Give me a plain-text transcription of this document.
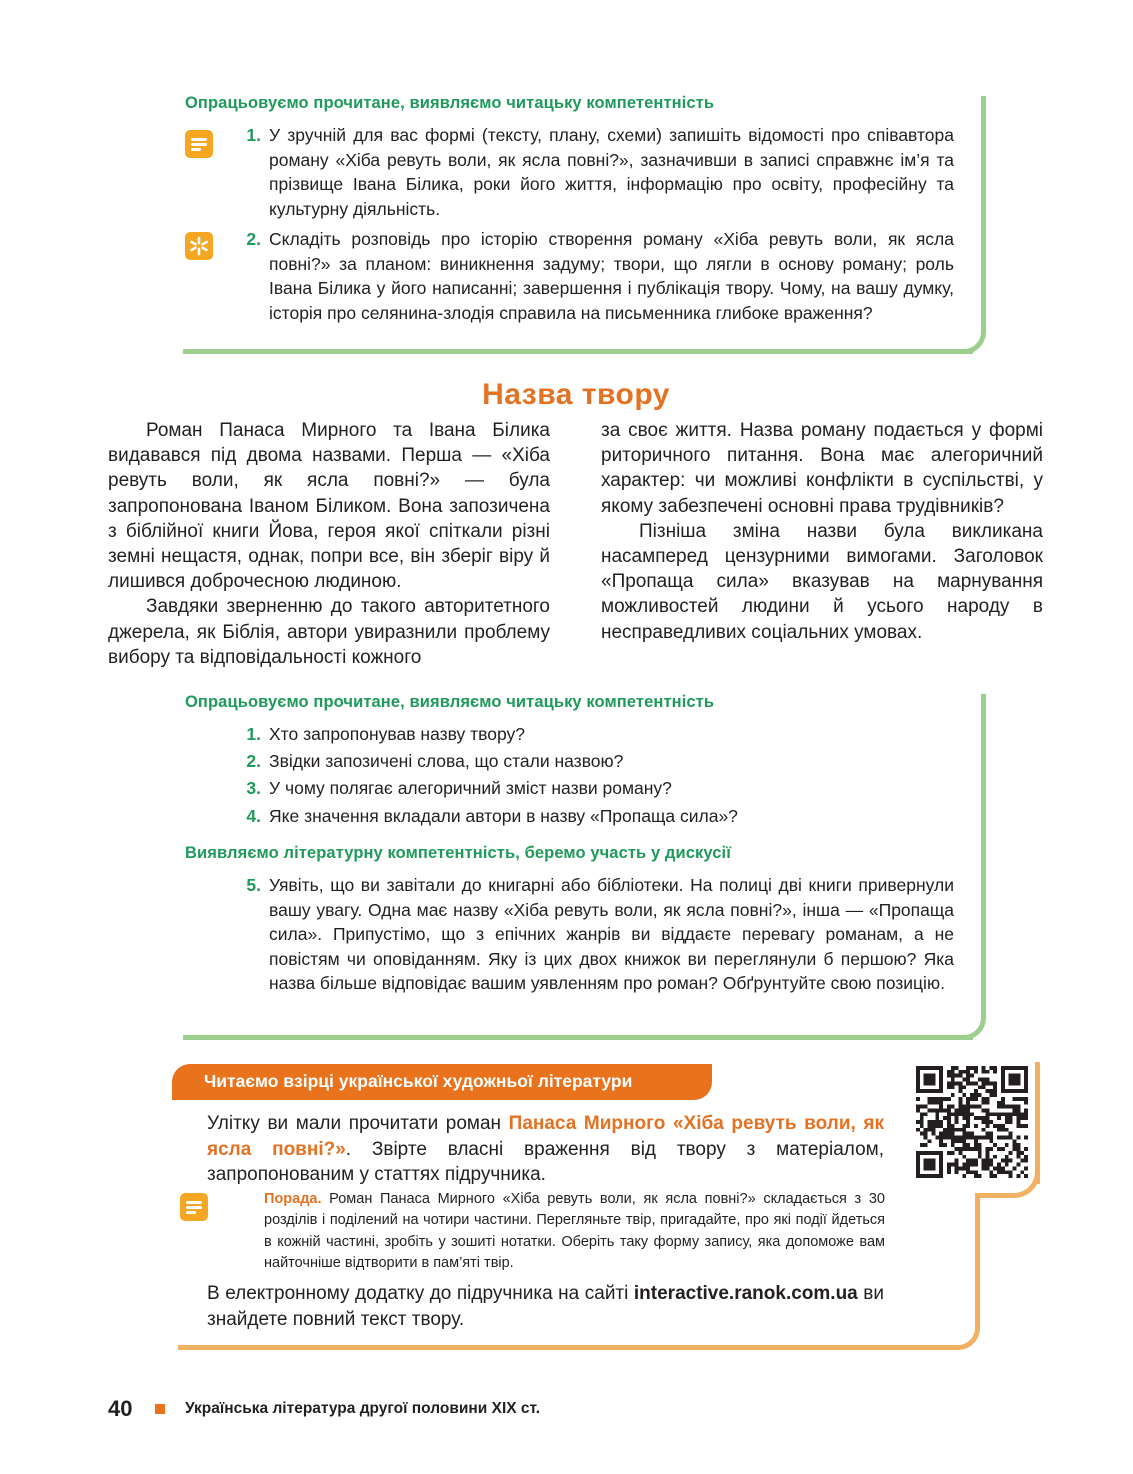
Опрацьовуємо прочитане, виявляємо читацьку компетентність
1. У зручній для вас формі (тексту, плану, схеми) запишіть відомості про співавтора роману «Хіба ревуть воли, як ясла повні?», зазначивши в записі справжнє ім’я та прізвище Івана Білика, роки його життя, інформацію про освіту, професійну та культурну діяльність.
2. Складіть розповідь про історію створення роману «Хіба ревуть воли, як ясла повні?» за планом: виникнення задуму; твори, що лягли в основу роману; роль Івана Білика у його написанні; завершення і публікація твору. Чому, на вашу думку, історія про селянина-злодія справила на письменника глибоке враження?
Назва твору

Роман Панаса Мирного та Івана Білика видавався під двома назвами. Перша — «Хіба ревуть воли, як ясла повні?» — була запропонована Іваном Біликом. Вона запозичена з біблійної книги Йова, героя якої спіткали різні земні нещастя, однак, попри все, він зберіг віру й лишився доброчесною людиною.

Завдяки зверненню до такого авторитетного джерела, як Біблія, автори увиразнили проблему вибору та відповідальності кожного

за своє життя. Назва роману подається у формі риторичного питання. Вона має алегоричний характер: чи можливі конфлікти в суспільстві, у якому забезпечені основні права трудівників?

Пізніша зміна назви була викликана насамперед цензурними вимогами. Заголовок «Пропаща сила» вказував на марнування можливостей людини й усього народу в несправедливих соціальних умовах.

Опрацьовуємо прочитане, виявляємо читацьку компетентність
1. Хто запропонував назву твору?
2. Звідки запозичені слова, що стали назвою?
3. У чому полягає алегоричний зміст назви роману?
4. Яке значення вкладали автори в назву «Пропаща сила»?
Виявляємо літературну компетентність, беремо участь у дискусії
5. Уявіть, що ви завітали до книгарні або бібліотеки. На полиці дві книги привернули вашу увагу. Одна має назву «Хіба ревуть воли, як ясла повні?», інша — «Пропаща сила». Припустімо, що з епічних жанрів ви віддаєте перевагу романам, а не повістям чи оповіданням. Яку із цих двох книжок ви переглянули б першою? Яка назва більше відповідає вашим уявленням про роман? Обґрунтуйте свою позицію.
Читаємо взірці української художньої літератури
Улітку ви мали прочитати роман Панаса Мирного «Хіба ревуть воли, як ясла повні?». Звірте власні враження від твору з матеріалом, запропонованим у статтях підручника.
Порада. Роман Панаса Мирного «Хіба ревуть воли, як ясла повні?» складається з 30 розділів і поділений на чотири частини. Перегляньте твір, пригадайте, про які події йдеться в кожній частині, зробіть у зошиті нотатки. Оберіть таку форму запису, яка допоможе вам найточніше відтворити в пам’яті твір.
В електронному додатку до підручника на сайті interactive.ranok.com.ua ви знайдете повний текст твору.
40	Українська література другої половини XIX ст.
